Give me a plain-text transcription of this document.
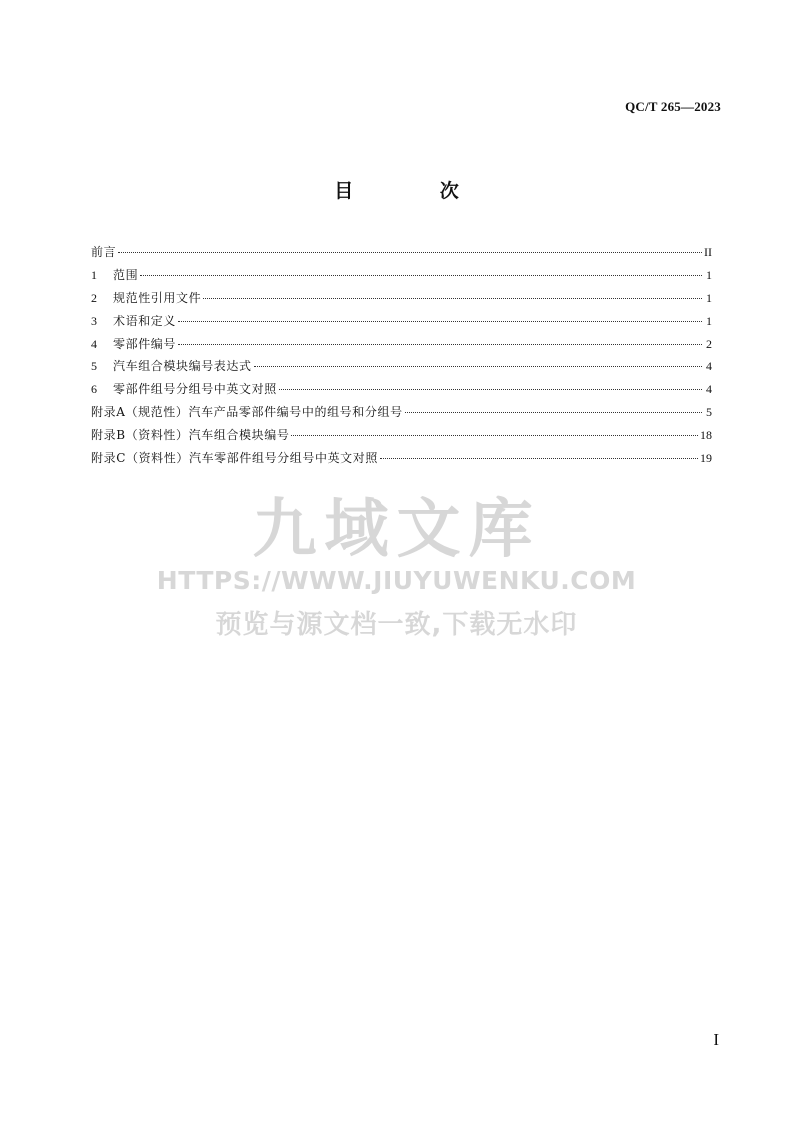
QC/T 265—2023
目 次
前言	II
1	范围	1
2	规范性引用文件	1
3	术语和定义	1
4	零部件编号	2
5	汽车组合模块编号表达式	4
6	零部件组号分组号中英文对照	4
附录A（规范性）汽车产品零部件编号中的组号和分组号	5
附录B（资料性）汽车组合模块编号	18
附录C（资料性）汽车零部件组号分组号中英文对照	19
九域文库
HTTPS://WWW.JIUYUWENKU.COM
预览与源文档一致,下载无水印
I
